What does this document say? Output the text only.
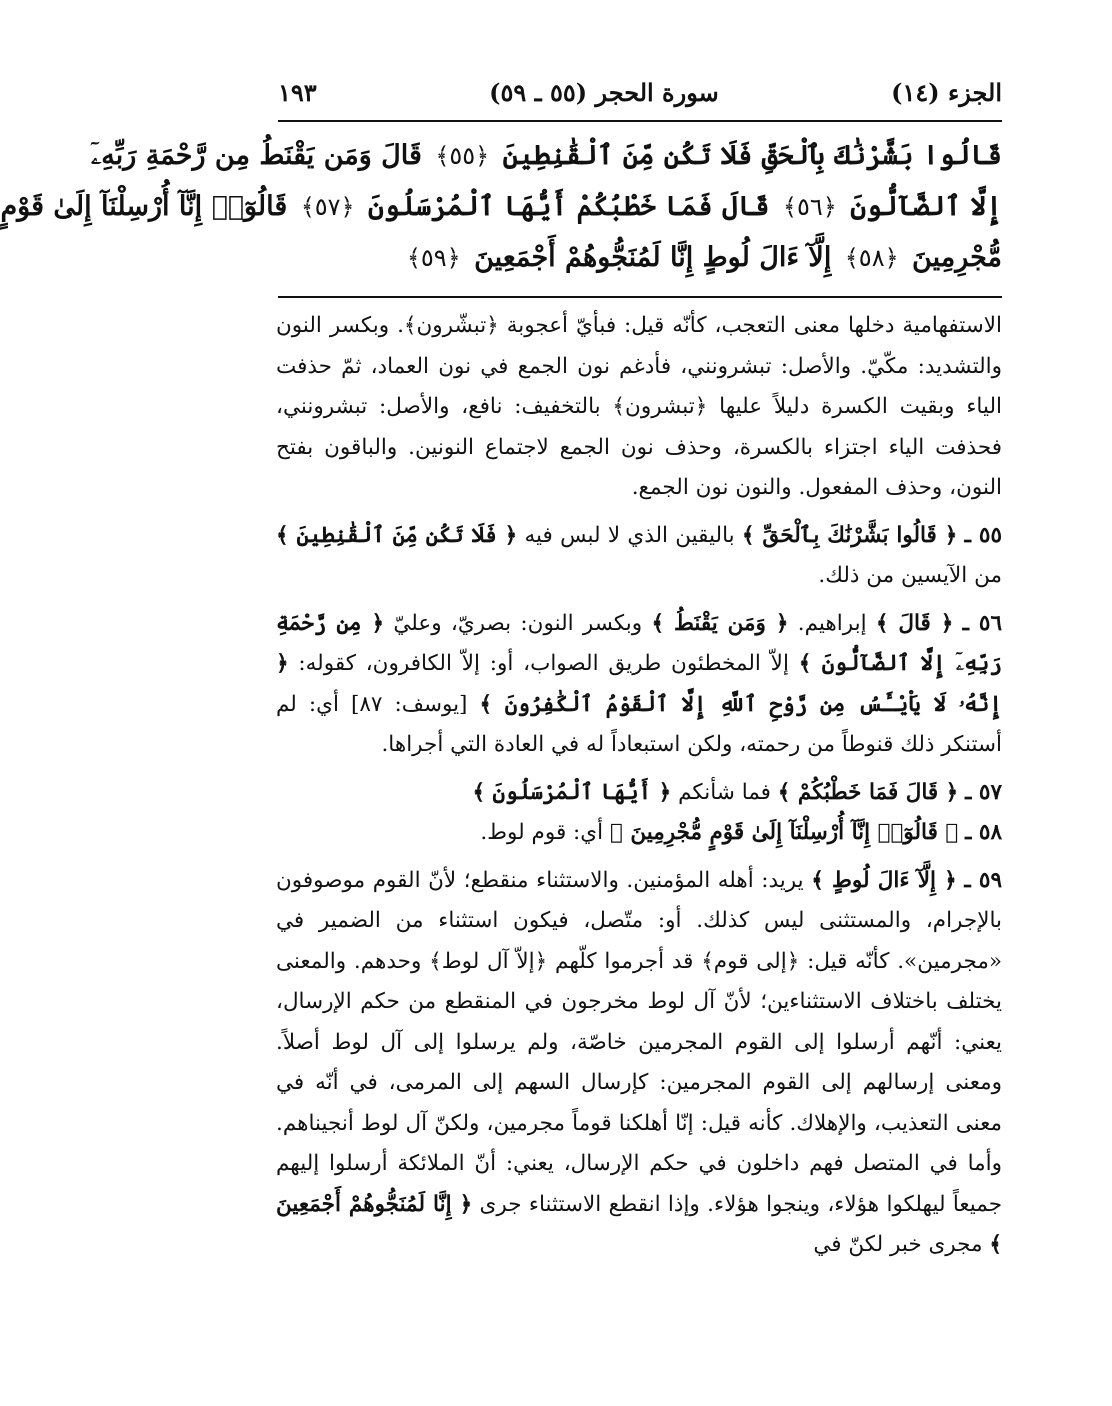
الجزء (١٤)
سورة الحجر (٥٥ ـ ٥٩)
١٩٣
قَالُوا بَشَّرْنَٰكَ بِٱلْحَقِّ فَلَا تَكُن مِّنَ ٱلْقَٰنِطِينَ ﴿٥٥﴾ قَالَ وَمَن يَقْنَطُ مِن رَّحْمَةِ رَبِّهِۦٓ
إِلَّا ٱلضَّآلُّونَ ﴿٥٦﴾ قَالَ فَمَا خَطْبُكُمْ أَيُّهَا ٱلْمُرْسَلُونَ ﴿٥٧﴾ قَالُوٓا۟ إِنَّآ أُرْسِلْنَآ إِلَىٰ قَوْمٍ
مُّجْرِمِينَ ﴿٥٨﴾ إِلَّآ ءَالَ لُوطٍ إِنَّا لَمُنَجُّوهُمْ أَجْمَعِينَ ﴿٥٩﴾

الاستفهامية دخلها معنى التعجب، كأنّه قيل: فبأيّ أعجوبة ﴿تبشّرون﴾. وبكسر النون والتشديد: مكّيّ. والأصل: تبشرونني، فأدغم نون الجمع في نون العماد، ثمّ حذفت الياء وبقيت الكسرة دليلاً عليها ﴿تبشرون﴾ بالتخفيف: نافع، والأصل: تبشرونني، فحذفت الياء اجتزاء بالكسرة، وحذف نون الجمع لاجتماع النونين. والباقون بفتح النون، وحذف المفعول. والنون نون الجمع.

٥٥ ـ ﴿ قَالُوا بَشَّرْنَٰكَ بِٱلْحَقِّ ﴾ باليقين الذي لا لبس فيه ﴿ فَلَا تَكُن مِّنَ ٱلْقَٰنِطِينَ ﴾ من الآيسين من ذلك.

٥٦ ـ ﴿ قَالَ ﴾ إبراهيم. ﴿ وَمَن يَقْنَطُ ﴾ وبكسر النون: بصريّ، وعليّ ﴿ مِن رَّحْمَةِ رَبِّهِۦٓ إِلَّا ٱلضَّآلُّونَ ﴾ إلاّ المخطئون طريق الصواب، أو: إلاّ الكافرون، كقوله: ﴿ إِنَّهُۥ لَا يَاْيْـَٔسُ مِن رَّوْحِ ٱللَّهِ إِلَّا ٱلْقَوْمُ ٱلْكَٰفِرُونَ ﴾ [يوسف: ٨٧] أي: لم أستنكر ذلك قنوطاً من رحمته، ولكن استبعاداً له في العادة التي أجراها.

٥٧ ـ ﴿ قَالَ فَمَا خَطْبُكُمْ ﴾ فما شأنكم ﴿ أَيُّهَا ٱلْمُرْسَلُونَ ﴾

٥٨ ـ ﴿ قَالُوٓا۟ إِنَّآ أُرْسِلْنَآ إِلَىٰ قَوْمٍ مُّجْرِمِينَ ﴾ أي: قوم لوط.

٥٩ ـ ﴿ إِلَّآ ءَالَ لُوطٍ ﴾ يريد: أهله المؤمنين. والاستثناء منقطع؛ لأنّ القوم موصوفون بالإجرام، والمستثنى ليس كذلك. أو: متّصل، فيكون استثناء من الضمير في «مجرمين». كأنّه قيل: ﴿إلى قوم﴾ قد أجرموا كلّهم ﴿إلاّ آل لوط﴾ وحدهم. والمعنى يختلف باختلاف الاستثناءين؛ لأنّ آل لوط مخرجون في المنقطع من حكم الإرسال، يعني: أنّهم أرسلوا إلى القوم المجرمين خاصّة، ولم يرسلوا إلى آل لوط أصلاً. ومعنى إرسالهم إلى القوم المجرمين: كإرسال السهم إلى المرمى، في أنّه في معنى التعذيب، والإهلاك. كأنه قيل: إنّا أهلكنا قوماً مجرمين، ولكنّ آل لوط أنجيناهم. وأما في المتصل فهم داخلون في حكم الإرسال، يعني: أنّ الملائكة أرسلوا إليهم جميعاً ليهلكوا هؤلاء، وينجوا هؤلاء. وإذا انقطع الاستثناء جرى ﴿ إِنَّا لَمُنَجُّوهُمْ أَجْمَعِينَ ﴾ مجرى خبر لكنّ في
